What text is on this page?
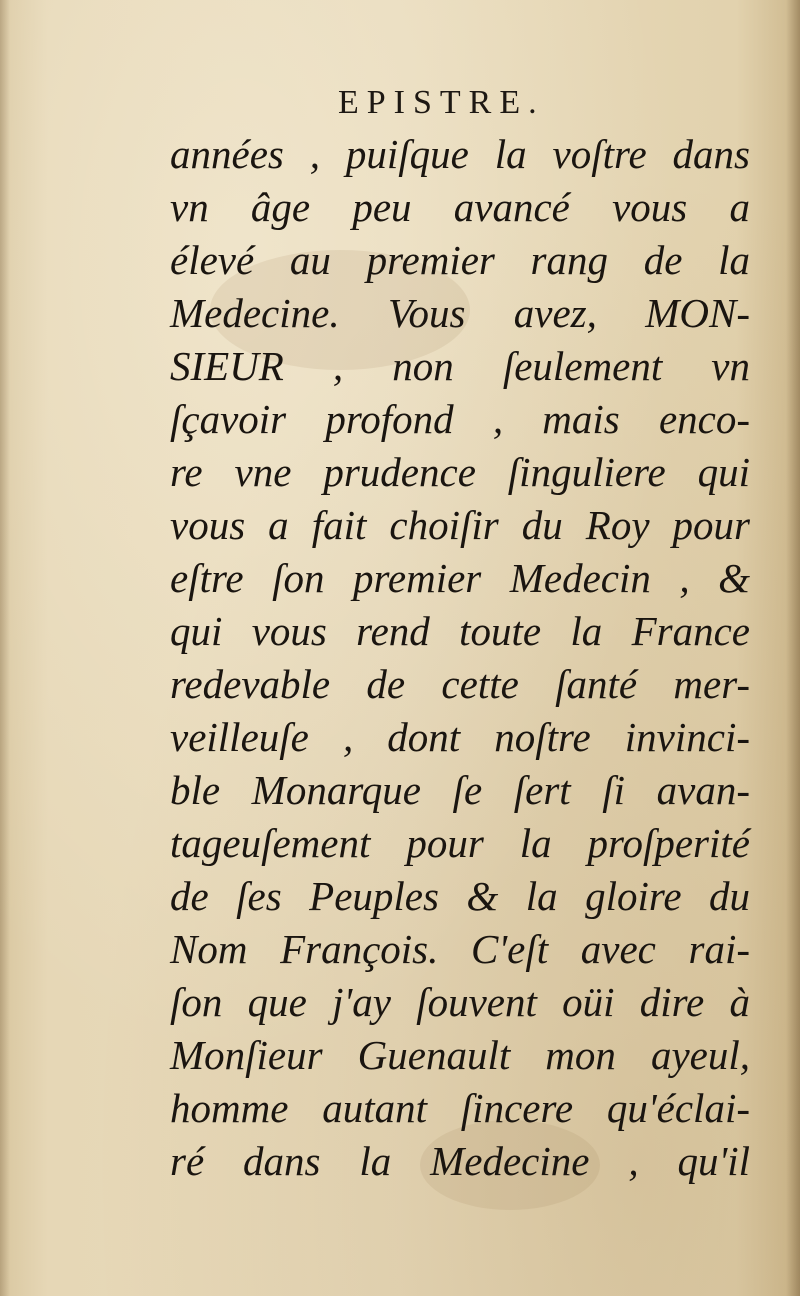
EPISTRE.
années , puiſque la voſtre dans
vn âge peu avancé vous a
élevé au premier rang de la
Medecine. Vous avez, MON-
SIEUR , non ſeulement vn
ſçavoir profond , mais enco-
re vne prudence ſinguliere qui
vous a fait choiſir du Roy pour
eſtre ſon premier Medecin , &
qui vous rend toute la France
redevable de cette ſanté mer-
veilleuſe , dont noſtre invinci-
ble Monarque ſe ſert ſi avan-
tageuſement pour la proſperité
de ſes Peuples & la gloire du
Nom François. C'eſt avec rai-
ſon que j'ay ſouvent oüi dire à
Monſieur Guenault mon ayeul,
homme autant ſincere qu'éclai-
ré dans la Medecine , qu'il
